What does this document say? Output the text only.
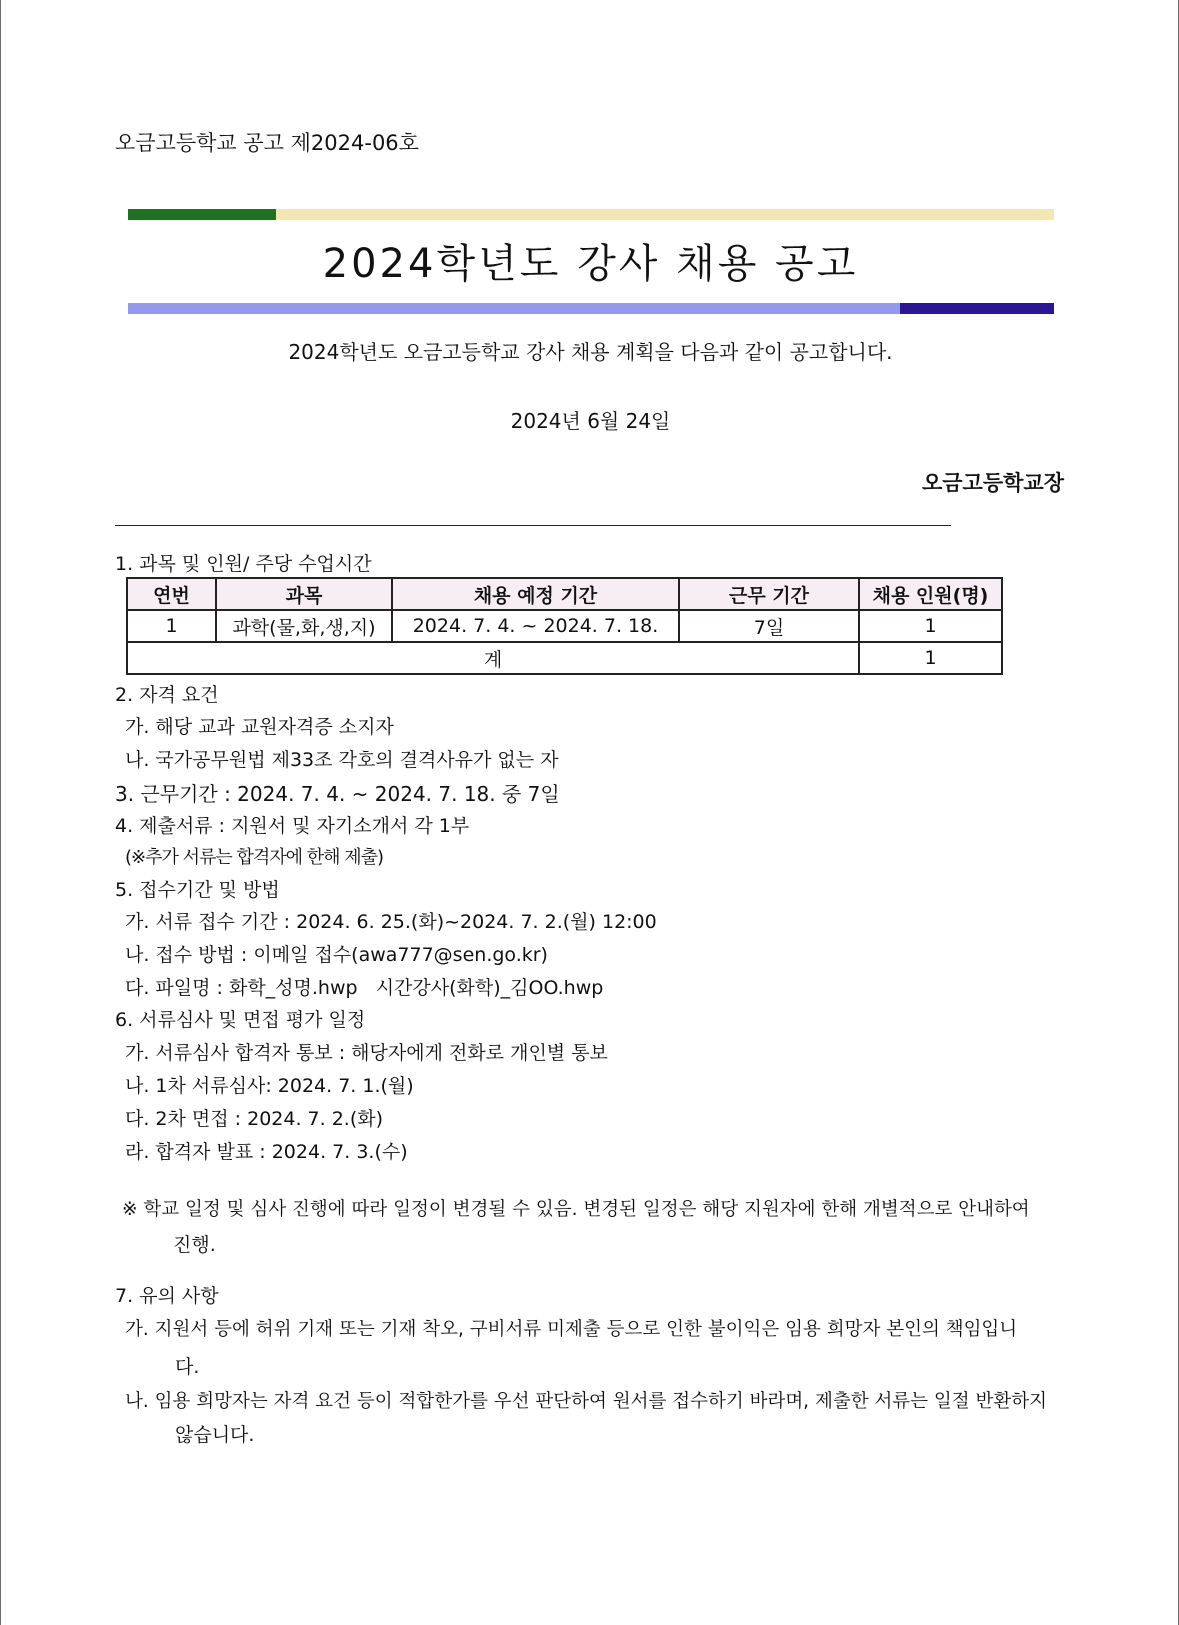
오금고등학교 공고 제2024-06호
2024학년도 강사 채용 공고
2024학년도 오금고등학교 강사 채용 계획을 다음과 같이 공고합니다.
2024년 6월 24일
오금고등학교장
1. 과목 및 인원/ 주당 수업시간
연번	과목	채용 예정 기간	근무 기간	채용 인원(명)
1	과학(물,화,생,지)	2024. 7. 4. ~ 2024. 7. 18.	7일	1
계				1
2. 자격 요건
가. 해당 교과 교원자격증 소지자
나. 국가공무원법 제33조 각호의 결격사유가 없는 자
3. 근무기간 : 2024. 7. 4. ~ 2024. 7. 18. 중 7일
4. 제출서류 : 지원서 및 자기소개서 각 1부
(※추가 서류는 합격자에 한해 제출)
5. 접수기간 및 방법
가. 서류 접수 기간 : 2024. 6. 25.(화)~2024. 7. 2.(월) 12:00
나. 접수 방법 : 이메일 접수(awa777@sen.go.kr)
다. 파일명 : 화학_성명.hwp   시간강사(화학)_김OO.hwp
6. 서류심사 및 면접 평가 일정
가. 서류심사 합격자 통보 : 해당자에게 전화로 개인별 통보
나. 1차 서류심사: 2024. 7. 1.(월)
다. 2차 면접 : 2024. 7. 2.(화)
라. 합격자 발표 : 2024. 7. 3.(수)
※ 학교 일정 및 심사 진행에 따라 일정이 변경될 수 있음. 변경된 일정은 해당 지원자에 한해 개별적으로 안내하여
진행.
7. 유의 사항
가. 지원서 등에 허위 기재 또는 기재 착오, 구비서류 미제출 등으로 인한 불이익은 임용 희망자 본인의 책임입니
다.
나. 임용 희망자는 자격 요건 등이 적합한가를 우선 판단하여 원서를 접수하기 바라며, 제출한 서류는 일절 반환하지
않습니다.
